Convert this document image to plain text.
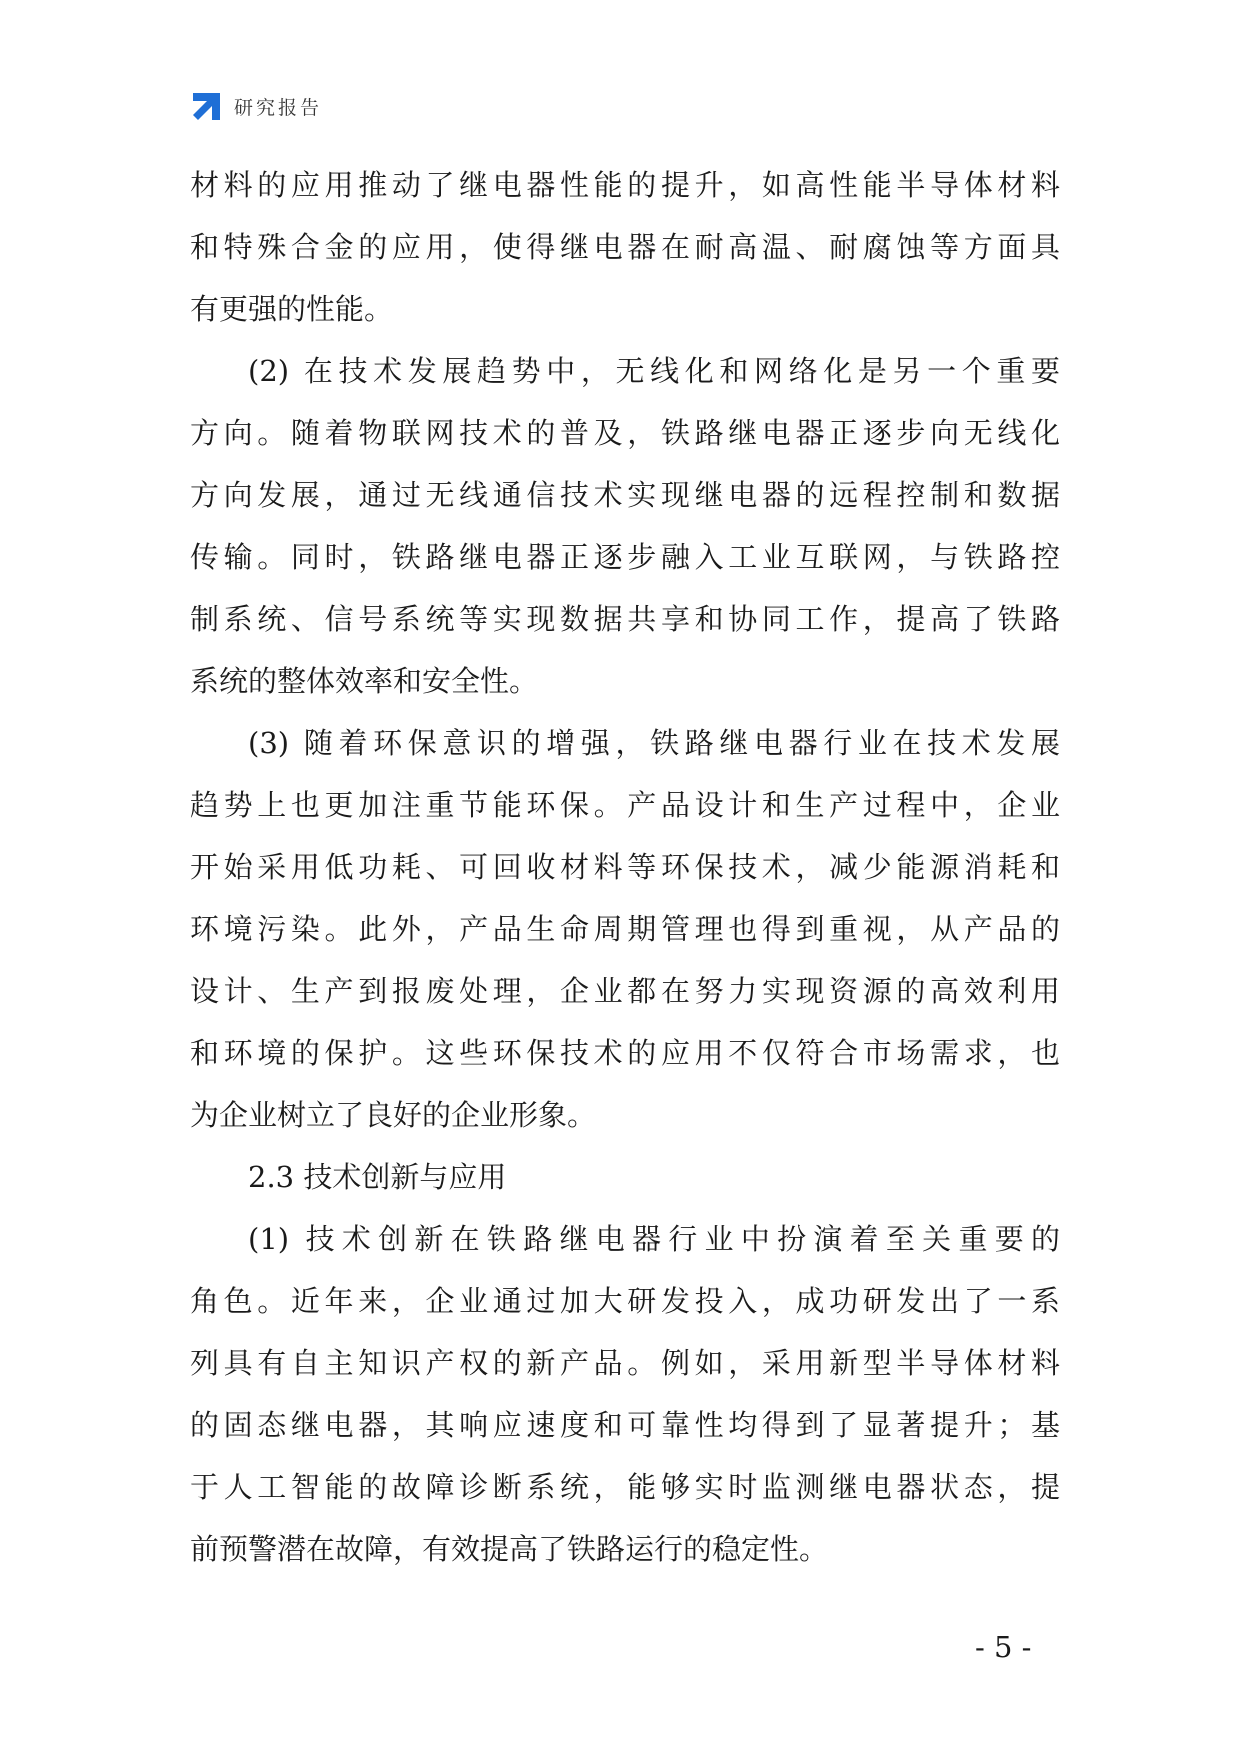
研究报告
材料的应用推动了继电器性能的提升，如高性能半导体材料
和特殊合金的应用，使得继电器在耐高温、耐腐蚀等方面具
有更强的性能。
(2) 在技术发展趋势中，无线化和网络化是另一个重要
方向。随着物联网技术的普及，铁路继电器正逐步向无线化
方向发展，通过无线通信技术实现继电器的远程控制和数据
传输。同时，铁路继电器正逐步融入工业互联网，与铁路控
制系统、信号系统等实现数据共享和协同工作，提高了铁路
系统的整体效率和安全性。
(3) 随着环保意识的增强，铁路继电器行业在技术发展
趋势上也更加注重节能环保。产品设计和生产过程中，企业
开始采用低功耗、可回收材料等环保技术，减少能源消耗和
环境污染。此外，产品生命周期管理也得到重视，从产品的
设计、生产到报废处理，企业都在努力实现资源的高效利用
和环境的保护。这些环保技术的应用不仅符合市场需求，也
为企业树立了良好的企业形象。
2.3 技术创新与应用
(1) 技术创新在铁路继电器行业中扮演着至关重要的
角色。近年来，企业通过加大研发投入，成功研发出了一系
列具有自主知识产权的新产品。例如，采用新型半导体材料
的固态继电器，其响应速度和可靠性均得到了显著提升；基
于人工智能的故障诊断系统，能够实时监测继电器状态，提
前预警潜在故障，有效提高了铁路运行的稳定性。
- 5 -
